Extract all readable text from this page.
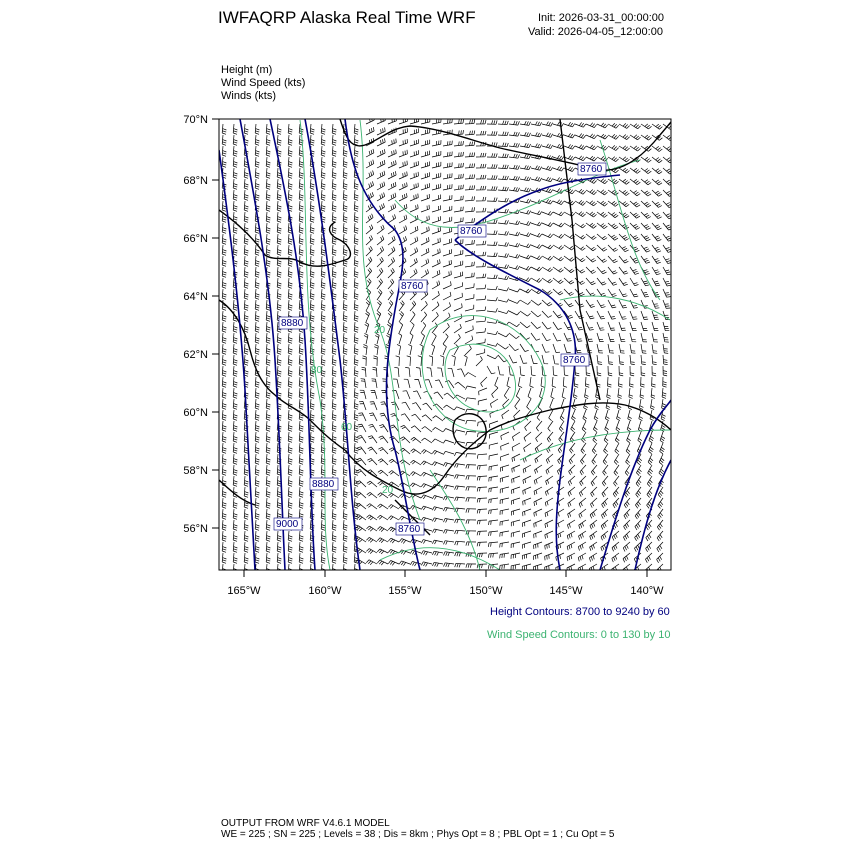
IWFAQRP Alaska Real Time WRF	Init: 2026-03-31_00:00:00
Valid: 2026-04-05_12:00:00
Height (m)
Wind Speed (kts)
Winds (kts)
8760
8760
8760
8760
8880
8880
9000	8760
20
80
20
60
70°N
68°N
66°N
64°N
62°N
60°N
58°N
56°N
165°W	160°W	155°W	150°W	145°W	140°W
Height Contours: 8700 to 9240 by 60
Wind Speed Contours: 0 to 130 by 10
OUTPUT FROM WRF V4.6.1 MODEL
WE = 225 ; SN = 225 ; Levels = 38 ; Dis = 8km ; Phys Opt = 8 ; PBL Opt = 1 ; Cu Opt = 5
